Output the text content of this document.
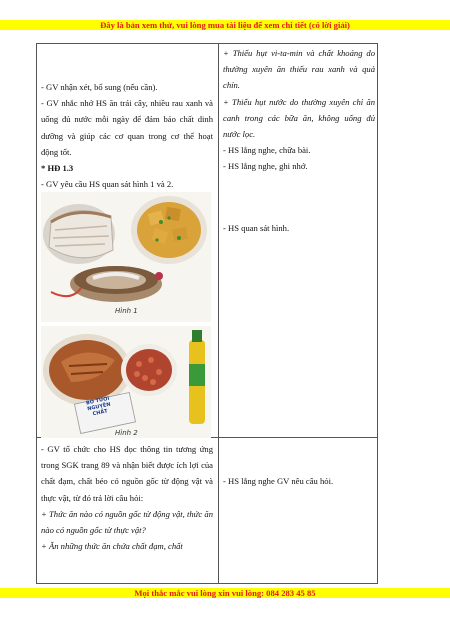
Đây là bản xem thử, vui lòng mua tài liệu để xem chi tiết (có lời giải)

- GV nhận xét, bổ sung (nếu cần).

- GV nhắc nhở HS ăn trái cây, nhiều rau xanh và uống đủ nước mỗi ngày để đảm bảo chất dinh dưỡng và giúp các cơ quan trong cơ thể hoạt động tốt.

* HĐ 1.3

- GV yêu cầu HS quan sát hình 1 và 2.

Hình 1
BƠ TƯƠI NGUYÊN CHẤT
Hình 2

- GV tổ chức cho HS đọc thông tin tương ứng trong SGK trang 89 và nhận biết được ích lợi của chất đạm, chất béo có nguồn gốc từ động vật và thực vật, từ đó trả lời câu hỏi:

+ Thức ăn nào có nguồn gốc từ động vật, thức ăn nào có nguồn gốc từ thực vật?

+ Ăn những thức ăn chứa chất đạm, chất

+ Thiếu hụt vi-ta-min và chất khoáng do thường xuyên ăn thiếu rau xanh và quả chín.

+ Thiếu hụt nước do thường xuyên chỉ ăn canh trong các bữa ăn, không uống đủ nước lọc.

- HS lắng nghe, chữa bài.

- HS lắng nghe, ghi nhớ.

- HS quan sát hình.
- HS lắng nghe GV nêu câu hỏi.
Mọi thắc mắc vui lòng xin vui lòng: 084 283 45 85
